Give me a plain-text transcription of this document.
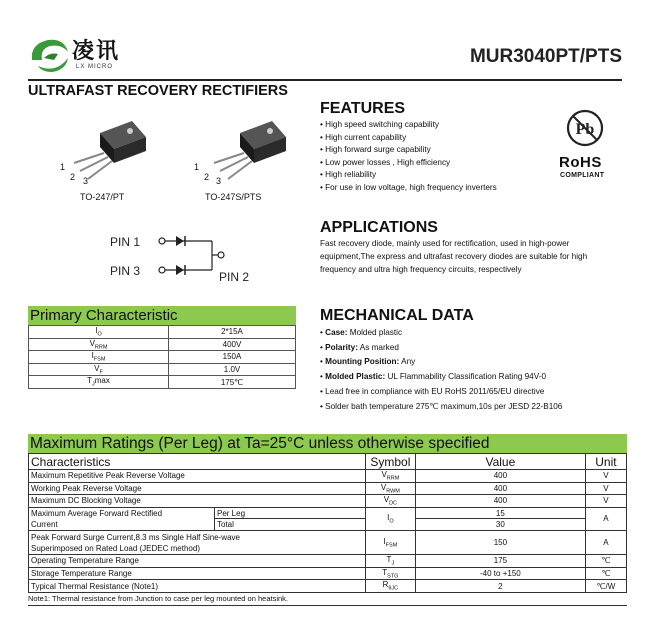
凌讯
LX MICRO	MUR3040PT/PTS
ULTRAFAST RECOVERY RECTIFIERS
1
2 3
TO-247/PT
1
2 3
TO-247S/PTS
PIN 1
PIN 3	PIN 2
FEATURES
• High speed switching capability
• High current capability
• High forward surge capability
• Low power losses , High efficiency
• High reliability
• For use in low voltage, high frequency inverters
Pb
RoHS
COMPLIANT
APPLICATIONS
Fast recovery diode, mainly used for rectification, used in high-power equipment,The express and ultrafast recovery diodes are suitable for high frequency and ultra high frequency circuits, respectively
MECHANICAL DATA
• Case: Molded plastic
• Polarity: As marked
• Mounting Position: Any
• Molded Plastic: UL Flammability Classification Rating 94V-0
• Lead free in compliance with EU RoHS 2011/65/EU directive
• Solder bath temperature 275℃ maximum,10s per JESD 22-B106
Primary Characteristic
$I_O$	2*15A
$V_{RRM}$	400V
$I_{FSM}$	150A
$V_F$	1.0V
$T_J\max$	175℃
Maximum Ratings (Per Leg) at Ta=25°C unless otherwise specified
Characteristics		Symbol	Value	Unit
Maximum Repetitive Peak Reverse Voltage		$V_{RRM}$	400	V
Working Peak Reverse Voltage		$V_{RWM}$	400	V
Maximum DC Blocking Voltage		$V_{DC}$	400	V
Maximum Average Forward Rectified	Per Leg	$I_O$	15	A
Current	Total		30	
Peak Forward Surge Current,8.3 ms Single Half Sine-wave
Superimposed on Rated Load (JEDEC method)		$I_{FSM}$	150	A
Operating Temperature Range		$T_J$	175	℃
Storage Temperature Range		$T_{STG}$	-40 to +150	℃
Typical Thermal Resistance (Note1)		$R_{\theta JC}$	2	℃/W
Note1: Thermal resistance from Junction to case per leg mounted on heatsink.
